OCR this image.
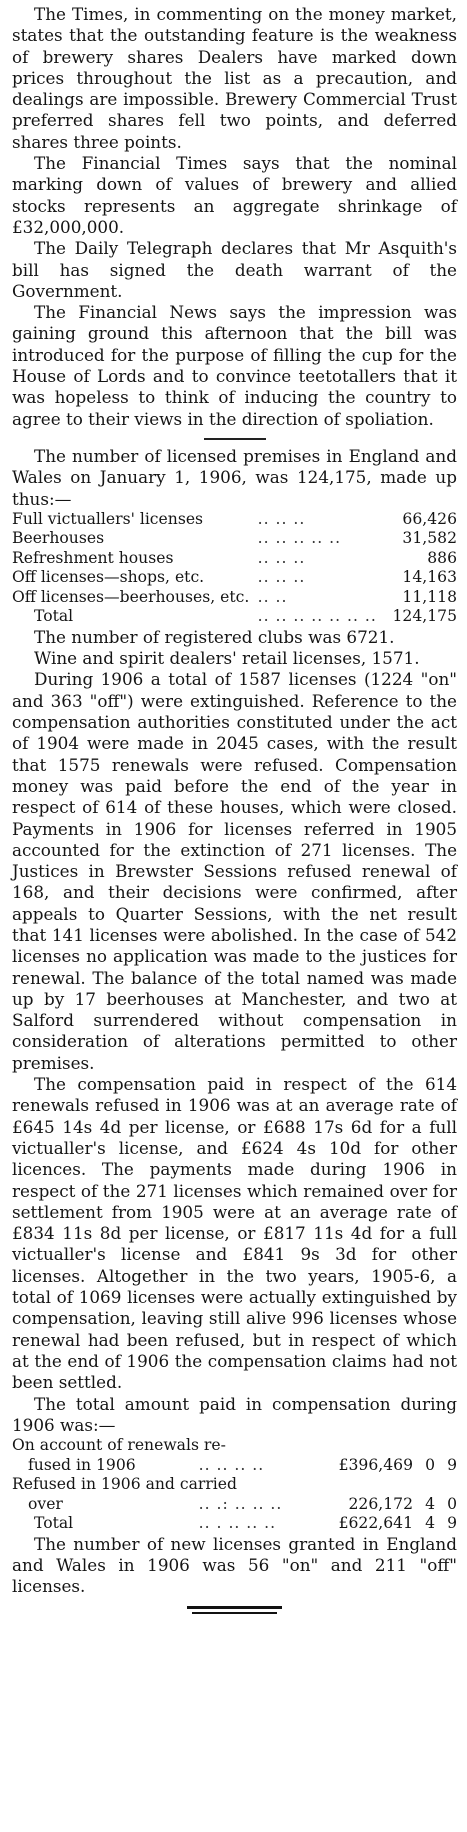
The Times, in commenting on the money market, states that the outstanding feature is the weakness of brewery shares Dealers have marked down prices throughout the list as a precaution, and dealings are impossible. Brewery Commercial Trust preferred shares fell two points, and deferred shares three points.

The Financial Times says that the nominal marking down of values of brewery and allied stocks represents an aggregate shrinkage of £32,000,000.

The Daily Telegraph declares that Mr Asquith's bill has signed the death warrant of the Government.

The Financial News says the impression was gaining ground this afternoon that the bill was introduced for the purpose of filling the cup for the House of Lords and to convince teetotallers that it was hopeless to think of inducing the country to agree to their views in the direction of spoliation.

The number of licensed premises in England and Wales on January 1, 1906, was 124,175, made up thus:—

Full victuallers' licenses	.. .. ..	66,426
Beerhouses	.. .. .. .. ..	31,582
Refreshment houses	.. .. ..	886
Off licenses—shops, etc.	.. .. ..	14,163
Off licenses—beerhouses, etc.	.. ..	11,118
Total	.. .. .. .. .. .. ..	124,175

The number of registered clubs was 6721.

Wine and spirit dealers' retail licenses, 1571.

During 1906 a total of 1587 licenses (1224 "on" and 363 "off") were extinguished. Reference to the compensation authorities constituted under the act of 1904 were made in 2045 cases, with the result that 1575 renewals were refused. Compensation money was paid before the end of the year in respect of 614 of these houses, which were closed. Payments in 1906 for licenses referred in 1905 accounted for the extinction of 271 licenses. The Justices in Brewster Sessions refused renewal of 168, and their decisions were confirmed, after appeals to Quarter Sessions, with the net result that 141 licenses were abolished. In the case of 542 licenses no application was made to the justices for renewal. The balance of the total named was made up by 17 beerhouses at Manchester, and two at Salford surrendered without compensation in consideration of alterations permitted to other premises.

The compensation paid in respect of the 614 renewals refused in 1906 was at an average rate of £645 14s 4d per license, or £688 17s 6d for a full victualler's license, and £624 4s 10d for other licences. The payments made during 1906 in respect of the 271 licenses which remained over for settlement from 1905 were at an average rate of £834 11s 8d per license, or £817 11s 4d for a full victualler's license and £841 9s 3d for other licenses. Altogether in the two years, 1905-6, a total of 1069 licenses were actually extinguished by compensation, leaving still alive 996 licenses whose renewal had been refused, but in respect of which at the end of 1906 the compensation claims had not been settled.

The total amount paid in compensation during 1906 was:—

On account of renewals re-				
fused in 1906	.. .. .. ..	£396,469	0	9
Refused in 1906 and carried				
over	.. .: .. .. ..	226,172	4	0
Total	.. . .. .. ..	£622,641	4	9

The number of new licenses granted in England and Wales in 1906 was 56 "on" and 211 "off" licenses.
